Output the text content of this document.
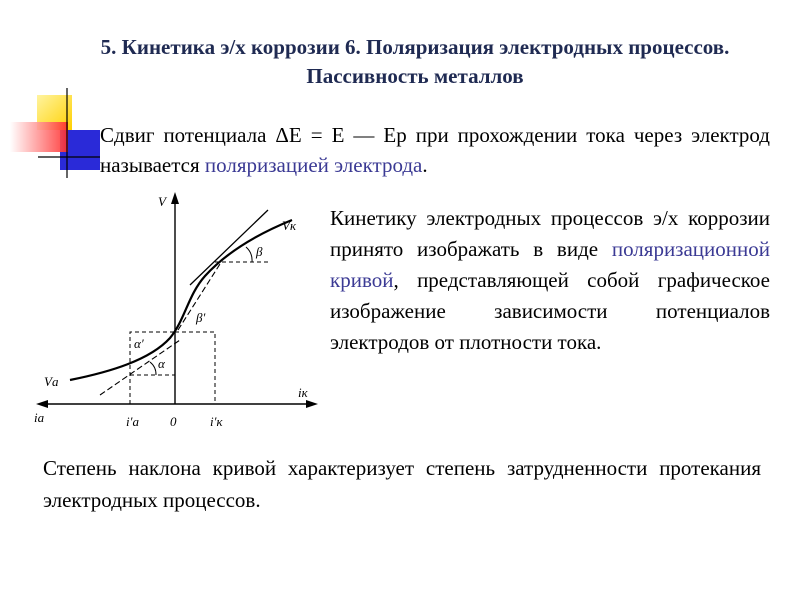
5. Кинетика э/х коррозии 6. Поляризация электродных процессов. Пассивность металлов
Сдвиг потенциала ΔE = E — Eр при прохождении тока через электрод называется поляризацией электрода.
V
Vк
Vа
iа
iк
i′а 0	i′к
α′
α
β′
β
Кинетику электродных процессов э/х коррозии принято изображать в виде поляризационной кривой, представляющей собой графическое изображение зависимости потенциалов электродов от плотности тока.
Степень наклона кривой характеризует степень затрудненности протекания электродных процессов.
